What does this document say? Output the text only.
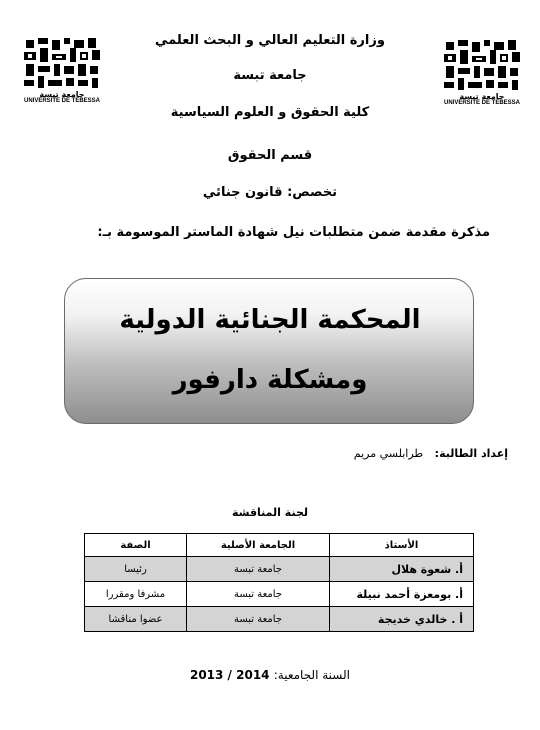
جامعة تبسة
UNIVERSITE DE TEBESSA	جامعة تبسة
UNIVERSITE DE TEBESSA
وزارة التعليم العالي و البحث العلمي
جامعة تبسة
كلية الحقوق و العلوم السياسية
قسم الحقوق
تخصص: قانون جنائي
مذكرة مقدمة ضمن متطلبات نيل شهادة الماستر الموسومة بـ:
المحكمة الجنائية الدولية
ومشكلة دارفور
إعداد الطالبة:   طرابلسي مريم
لجنة المناقشة
الأستاذ	الجامعة الأصلية	الصفة
أ. شعوة هلال	جامعة تبسة	رئيسا
أ. بومعزة أحمد نبيلة	جامعة تبسة	مشرفا ومقررا
أ . خالدي خديجة	جامعة تبسة	عضوا مناقشا
السنة الجامعية: 2013 / 2014
